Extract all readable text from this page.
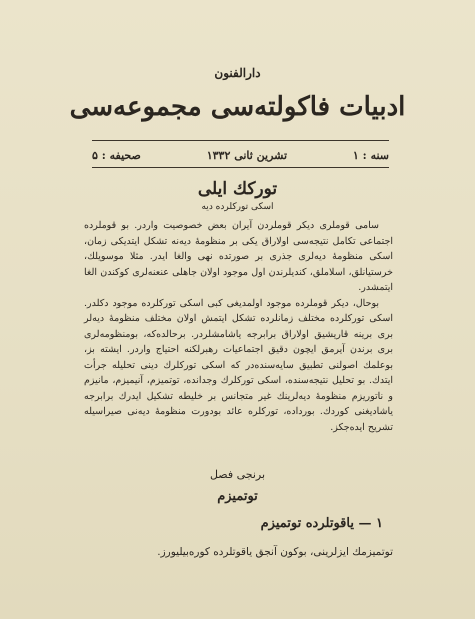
دارالفنون
ادبيات فاكولته‌سى مجموعه‌سى
سنه : ۱
تشرين ثانى ۱۳۳۲
صحيفه : ۵
توركك ايلى
اسكى توركلرده ديه

سامى قوملرى ديكر قوملردن آيران بعض خصوصيت واردر. بو قوملرده اجتماعى تكامل نتيجه‌سى اولاراق يكى بر منظومهٔ ديه‌نه تشكل ايتديكى زمان، اسكى منظومهٔ ديه‌لرى جذرى بر صورتده نهى والغا ايدر. مثلا موسويلك، خرستيانلق، اسلاملق، كنديلرندن اول موجود اولان جاهلى عنعنه‌لرى كوكندن الغا ايتمشدر.

بوحال، ديكر قوملرده موجود اولمديغى كبى اسكى توركلرده موجود دكلدر. اسكى توركلرده مختلف زمانلرده تشكل ايتمش اولان مختلف منظومهٔ ديه‌لر برى برينه قاريشيق اولاراق برابرجه ياشامشلردر. برحالده‌كه، بومنظومه‌لرى برى برندن آيرمق ايچون دقيق اجتماعيات رهبرلكنه احتياج واردر. ايشته بز، بوعلمك اصولنى تطبيق سايه‌سنده‌در كه اسكى توركلرك دينى تحليله جرأت ايتدك. بو تحليل نتيجه‌سنده، اسكى توركلرك وجدانده، توتميزم، آنيميزم، مانيزم و ناتوريزم منظومهٔ ديه‌لرينك غير متجانس بر خليطه تشكيل ايدرك برابرجه ياشاديغنى كوردك. بورداده، توركلره عائد بودورت منظومهٔ ديه‌نى صيراسيله تشريح ايده‌جكز.

برنجى فصل
توتميزم
١ — ياقوتلرده توتميزم
توتميزمك ايزلرينى، بوكون آنجق ياقوتلرده كوره‌بيليورز.
